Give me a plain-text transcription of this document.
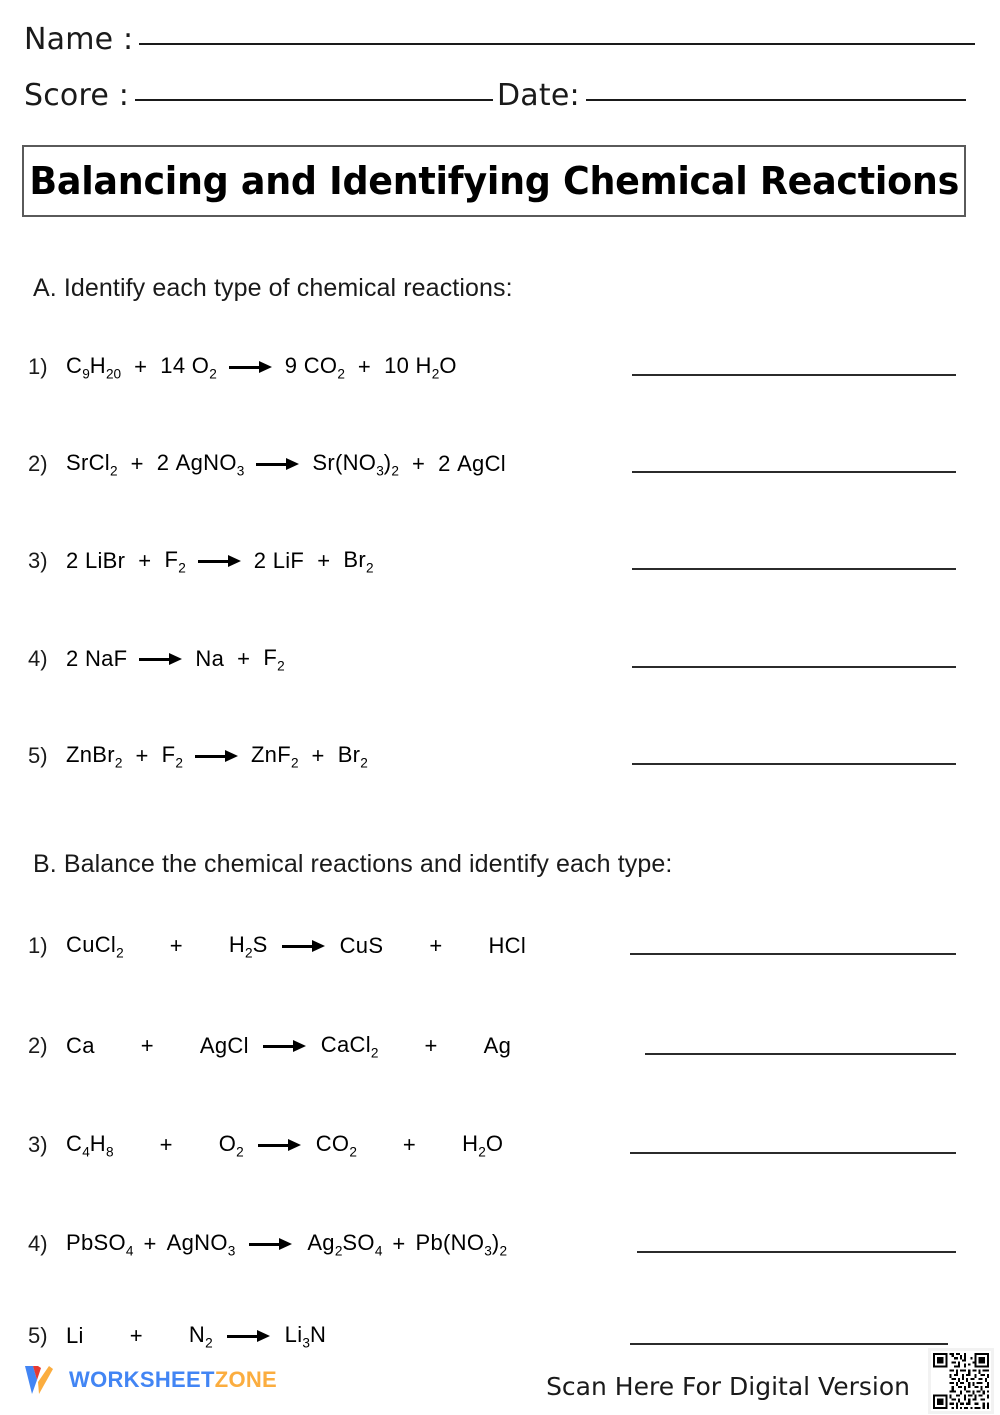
Name :
Score :	Date:
Balancing and Identifying Chemical Reactions
A. Identify each type of chemical reactions:
1) $C_9H_{20} + 14$ $O_2$	9 $CO_2 + 10$ $H_2O$
2) SrCl$_2$ + 2 AgNO$_3$	$Sr(NO_3)_2 + 2$ AgCl
3) 2 LiBr + $F_2$	2 LiF + $Br_2$
4) 2 NaF	$Na + F_2$
5) ZnBr$_2$ + $F_2$	$ZnF_2 + Br_2$
B. Balance the chemical reactions and identify each type:
1) CuCl$_2$ + $H_2S$	CuS + HCl
2) Ca + AgCl	CaCl$_2$ + Ag
3) $C_4H_8 + O_2$	$CO_2 + H_2O$
4) PbSO$_4$ + AgNO$_3$	$Ag_2SO_4 + Pb(NO_3)_2$
5) $Li + N_2$	$Li_3N$
WORKSHEETZONE	Scan Here For Digital Version
